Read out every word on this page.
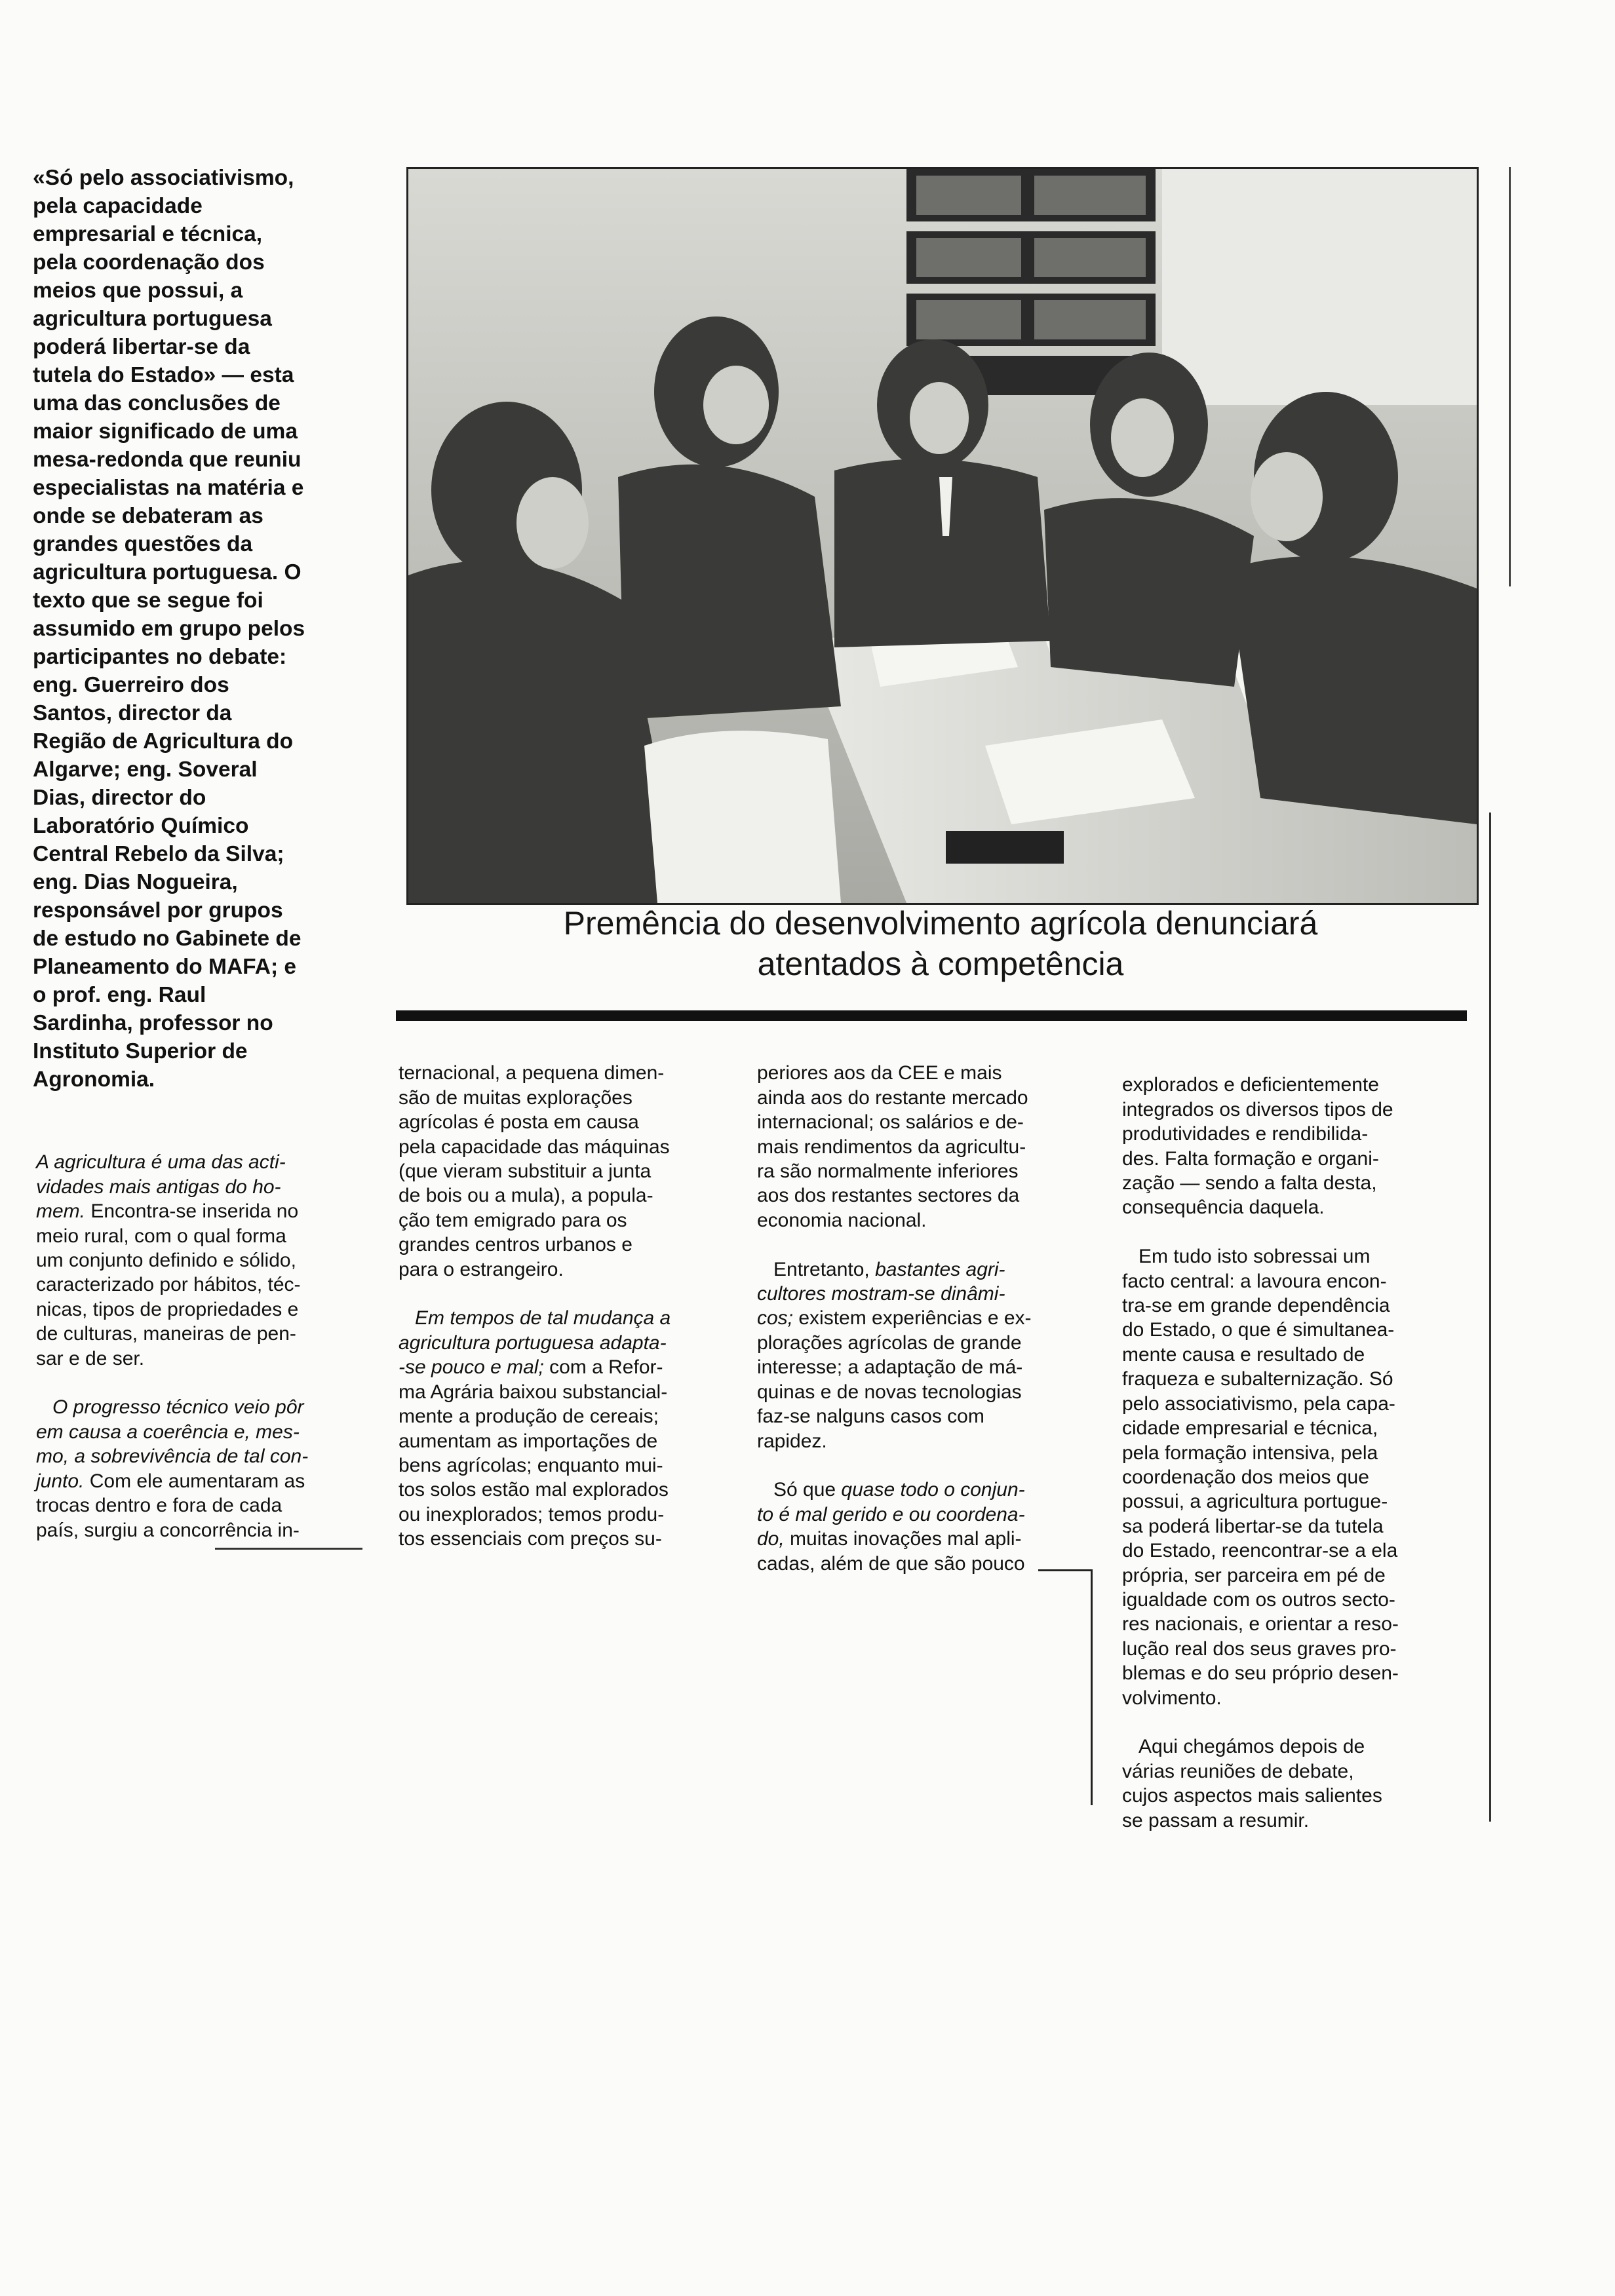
«Só pelo associativismo,
pela capacidade
empresarial e técnica,
pela coordenação dos
meios que possui, a
agricultura portuguesa
poderá libertar-se da
tutela do Estado» — esta
uma das conclusões de
maior significado de uma
mesa-redonda que reuniu
especialistas na matéria e
onde se debateram as
grandes questões da
agricultura portuguesa. O
texto que se segue foi
assumido em grupo pelos
participantes no debate:
eng. Guerreiro dos
Santos, director da
Região de Agricultura do
Algarve; eng. Soveral
Dias, director do
Laboratório Químico
Central Rebelo da Silva;
eng. Dias Nogueira,
responsável por grupos
de estudo no Gabinete de
Planeamento do MAFA; e
o prof. eng. Raul
Sardinha, professor no
Instituto Superior de
Agronomia.
Premência do desenvolvimento agrícola denunciará
atentados à competência

A agricultura é uma das acti-
vidades mais antigas do ho-
mem. Encontra-se inserida no
meio rural, com o qual forma
um conjunto definido e sólido,
caracterizado por hábitos, téc-
nicas, tipos de propriedades e
de culturas, maneiras de pen-
sar e de ser.

O progresso técnico veio pôr
em causa a coerência e, mes-
mo, a sobrevivência de tal con-
junto. Com ele aumentaram as
trocas dentro e fora de cada
país, surgiu a concorrência in-

ternacional, a pequena dimen-
são de muitas explorações
agrícolas é posta em causa
pela capacidade das máquinas
(que vieram substituir a junta
de bois ou a mula), a popula-
ção tem emigrado para os
grandes centros urbanos e
para o estrangeiro.

Em tempos de tal mudança a
agricultura portuguesa adapta-
-se pouco e mal; com a Refor-
ma Agrária baixou substancial-
mente a produção de cereais;
aumentam as importações de
bens agrícolas; enquanto mui-
tos solos estão mal explorados
ou inexplorados; temos produ-
tos essenciais com preços su-

periores aos da CEE e mais
ainda aos do restante mercado
internacional; os salários e de-
mais rendimentos da agricultu-
ra são normalmente inferiores
aos dos restantes sectores da
economia nacional.

Entretanto, bastantes agri-
cultores mostram-se dinâmi-
cos; existem experiências e ex-
plorações agrícolas de grande
interesse; a adaptação de má-
quinas e de novas tecnologias
faz-se nalguns casos com
rapidez.

Só que quase todo o conjun-
to é mal gerido e ou coordena-
do, muitas inovações mal apli-
cadas, além de que são pouco

explorados e deficientemente
integrados os diversos tipos de
produtividades e rendibilida-
des. Falta formação e organi-
zação — sendo a falta desta,
consequência daquela.

Em tudo isto sobressai um
facto central: a lavoura encon-
tra-se em grande dependência
do Estado, o que é simultanea-
mente causa e resultado de
fraqueza e subalternização. Só
pelo associativismo, pela capa-
cidade empresarial e técnica,
pela formação intensiva, pela
coordenação dos meios que
possui, a agricultura portugue-
sa poderá libertar-se da tutela
do Estado, reencontrar-se a ela
própria, ser parceira em pé de
igualdade com os outros secto-
res nacionais, e orientar a reso-
lução real dos seus graves pro-
blemas e do seu próprio desen-
volvimento.

Aqui chegámos depois de
várias reuniões de debate,
cujos aspectos mais salientes
se passam a resumir.
